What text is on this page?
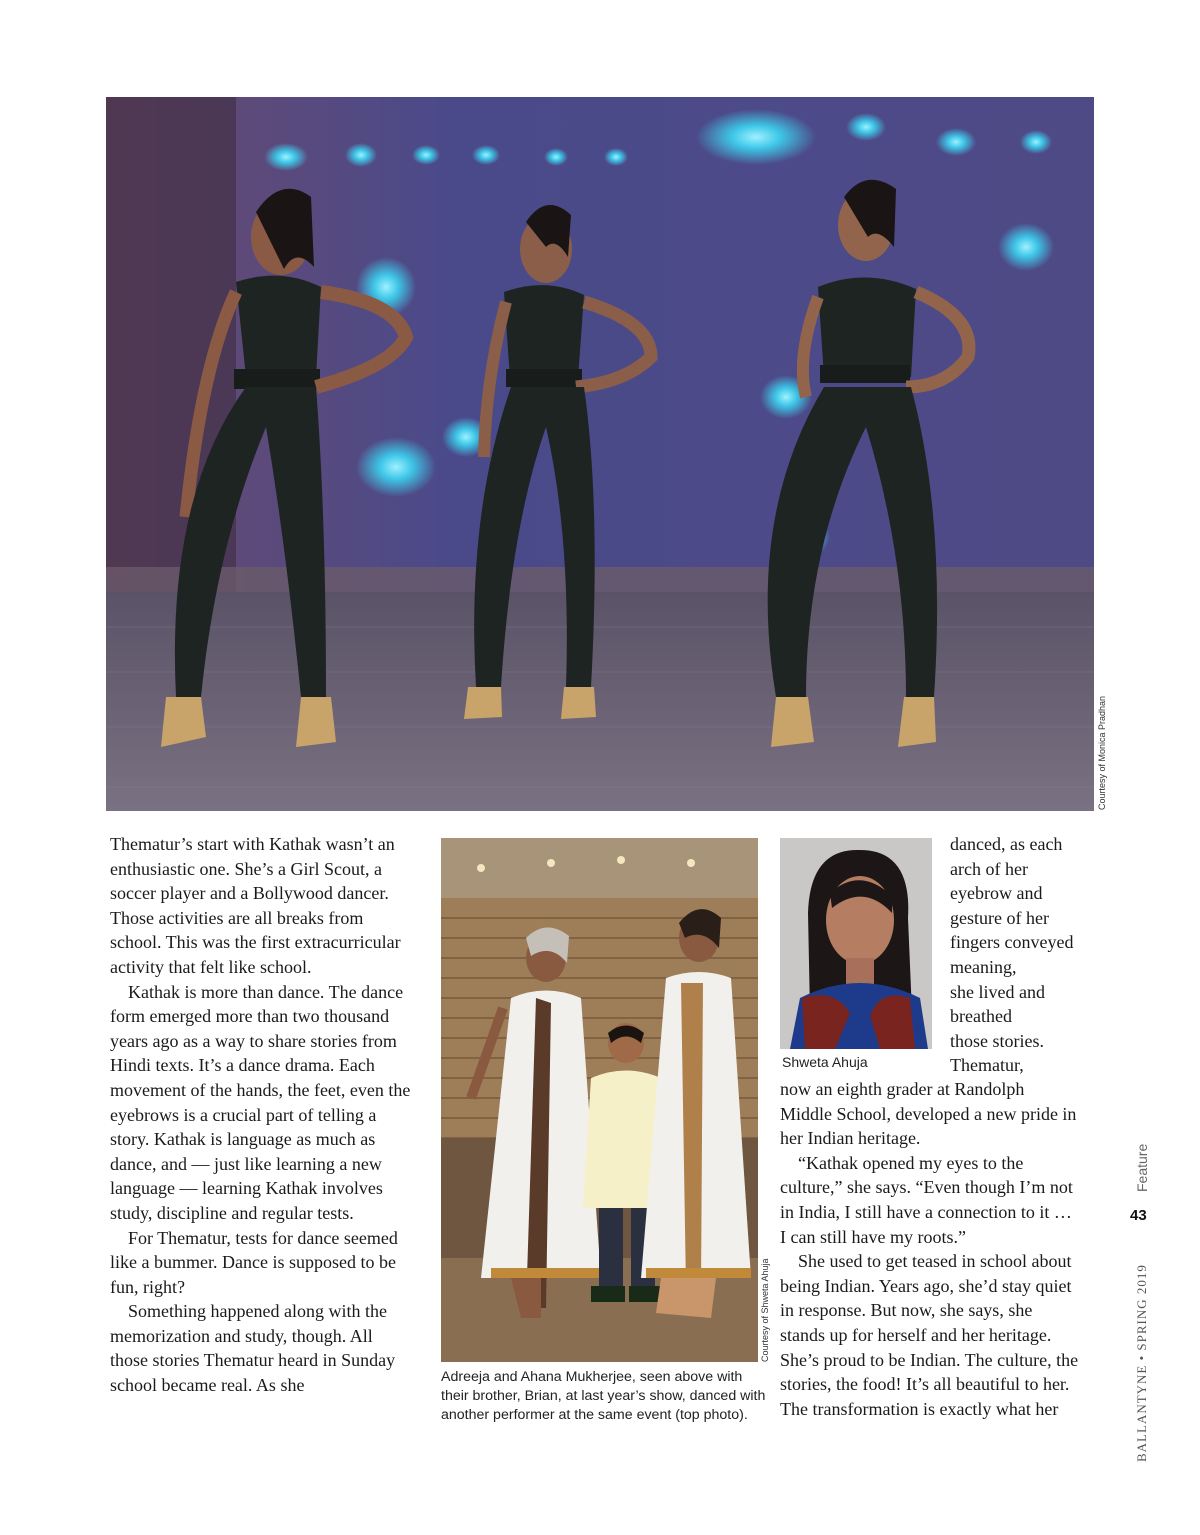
Courtesy of Monica Pradhan

Thematur’s start with Kathak wasn’t an enthusiastic one. She’s a Girl Scout, a soccer player and a Bollywood dancer. Those activities are all breaks from school. This was the first extracurricular activity that felt like school.

Kathak is more than dance. The dance form emerged more than two thousand years ago as a way to share stories from Hindi texts. It’s a dance drama. Each movement of the hands, the feet, even the eyebrows is a crucial part of telling a story. Kathak is language as much as dance, and — just like learning a new language — learning Kathak involves study, discipline and regular tests.

For Thematur, tests for dance seemed like a bummer. Dance is supposed to be fun, right?

Something happened along with the memorization and study, though. All those stories Thematur heard in Sunday school became real. As she

Courtesy of Shweta Ahuja
Adreeja and Ahana Mukherjee, seen above with their brother, Brian, at last year’s show, danced with another performer at the same event (top photo).
Shweta Ahuja
danced, as each
arch of her
eyebrow and
gesture of her
fingers conveyed
meaning,
she lived and
breathed
those stories.
Thematur,

now an eighth grader at Randolph Middle School, developed a new pride in her Indian heritage.

“Kathak opened my eyes to the culture,” she says. “Even though I’m not in India, I still have a connection to it … I can still have my roots.”

She used to get teased in school about being Indian. Years ago, she’d stay quiet in response. But now, she says, she stands up for herself and her heritage. She’s proud to be Indian. The culture, the stories, the food! It’s all beautiful to her. The transformation is exactly what her

Feature
43
BALLANTYNE • SPRING 2019
